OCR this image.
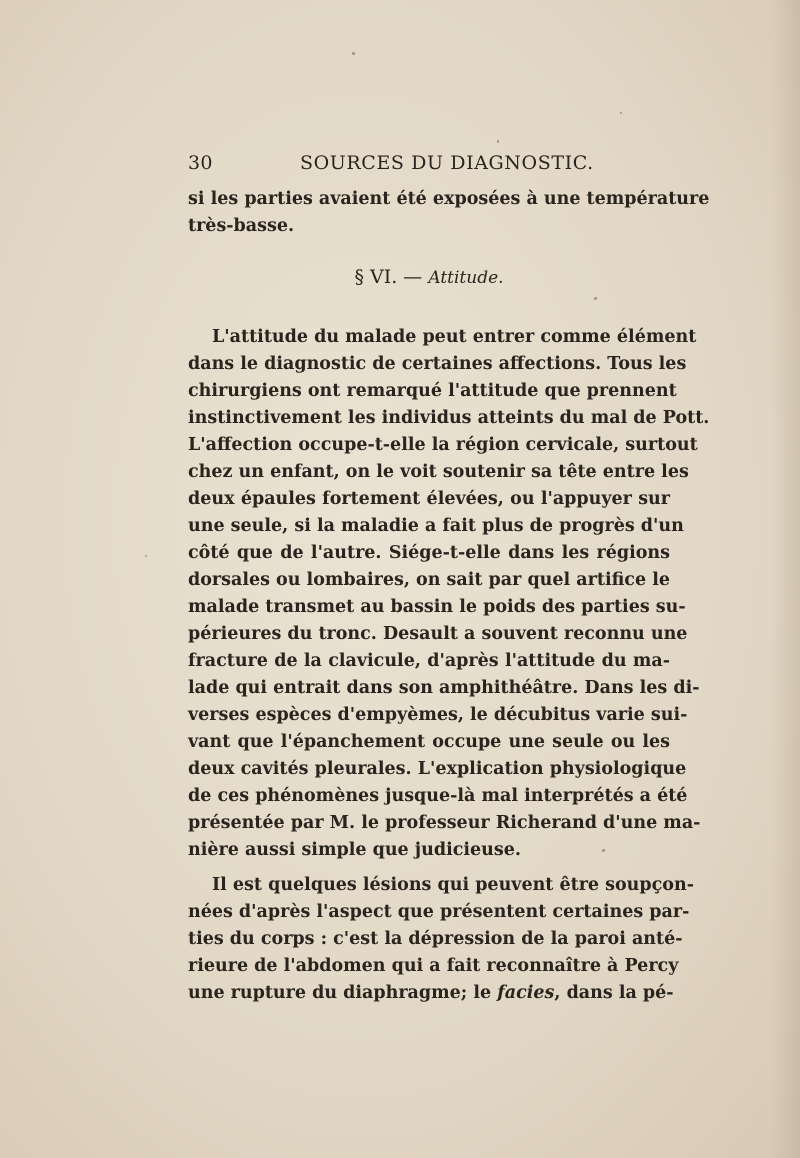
30	SOURCES DU DIAGNOSTIC.
si les parties avaient été exposées à une température
très-basse.
§ VI. — Attitude.
L'attitude du malade peut entrer comme élément
dans le diagnostic de certaines affections. Tous les
chirurgiens ont remarqué l'attitude que prennent
instinctivement les individus atteints du mal de Pott.
L'affection occupe-t-elle la région cervicale, surtout
chez un enfant, on le voit soutenir sa tête entre les
deux épaules fortement élevées, ou l'appuyer sur
une seule, si la maladie a fait plus de progrès d'un
côté que de l'autre. Siége-t-elle dans les régions
dorsales ou lombaires, on sait par quel artifice le
malade transmet au bassin le poids des parties su-
périeures du tronc. Desault a souvent reconnu une
fracture de la clavicule, d'après l'attitude du ma-
lade qui entrait dans son amphithéâtre. Dans les di-
verses espèces d'empyèmes, le décubitus varie sui-
vant que l'épanchement occupe une seule ou les
deux cavités pleurales. L'explication physiologique
de ces phénomènes jusque-là mal interprétés a été
présentée par M. le professeur Richerand d'une ma-
nière aussi simple que judicieuse.
Il est quelques lésions qui peuvent être soupçon-
nées d'après l'aspect que présentent certaines par-
ties du corps : c'est la dépression de la paroi anté-
rieure de l'abdomen qui a fait reconnaître à Percy
une rupture du diaphragme; le facies, dans la pé-
